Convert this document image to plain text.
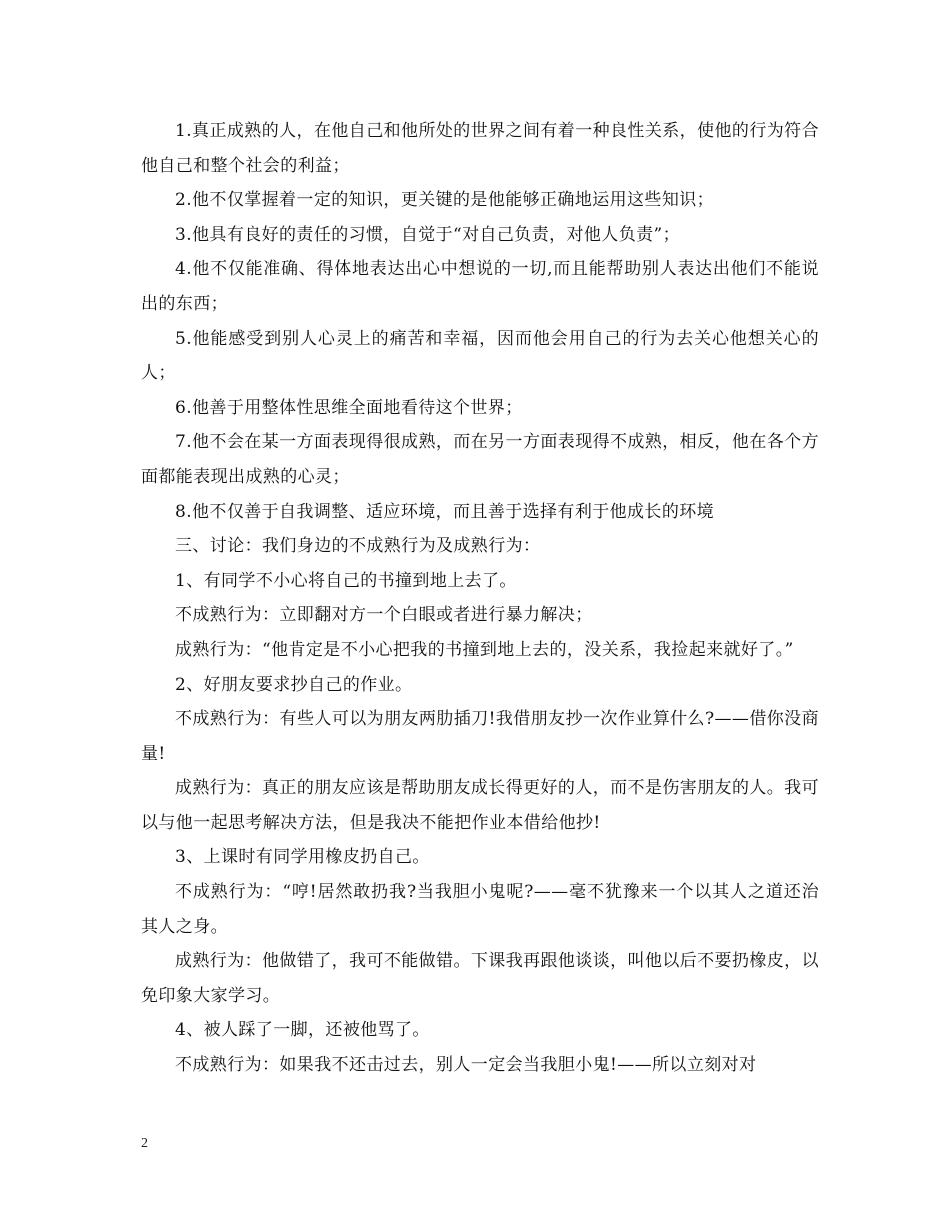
1.真正成熟的人，在他自己和他所处的世界之间有着一种良性关系，使他的行为符合他自己和整个社会的利益；

2.他不仅掌握着一定的知识，更关键的是他能够正确地运用这些知识；

3.他具有良好的责任的习惯，自觉于“对自己负责，对他人负责”；

4.他不仅能准确、得体地表达出心中想说的一切,而且能帮助别人表达出他们不能说出的东西；

5.他能感受到别人心灵上的痛苦和幸福，因而他会用自己的行为去关心他想关心的人；

6.他善于用整体性思维全面地看待这个世界；

7.他不会在某一方面表现得很成熟，而在另一方面表现得不成熟，相反，他在各个方面都能表现出成熟的心灵；

8.他不仅善于自我调整、适应环境，而且善于选择有利于他成长的环境

三、讨论：我们身边的不成熟行为及成熟行为：

1、有同学不小心将自己的书撞到地上去了。

不成熟行为：立即翻对方一个白眼或者进行暴力解决；

成熟行为：“他肯定是不小心把我的书撞到地上去的，没关系，我捡起来就好了。”

2、好朋友要求抄自己的作业。

不成熟行为：有些人可以为朋友两肋插刀!我借朋友抄一次作业算什么?——借你没商量!

成熟行为：真正的朋友应该是帮助朋友成长得更好的人，而不是伤害朋友的人。我可以与他一起思考解决方法，但是我决不能把作业本借给他抄!

3、上课时有同学用橡皮扔自己。

不成熟行为：“哼!居然敢扔我?当我胆小鬼呢?——毫不犹豫来一个以其人之道还治其人之身。

成熟行为：他做错了，我可不能做错。下课我再跟他谈谈，叫他以后不要扔橡皮，以免印象大家学习。

4、被人踩了一脚，还被他骂了。

不成熟行为：如果我不还击过去，别人一定会当我胆小鬼!——所以立刻对对

2
